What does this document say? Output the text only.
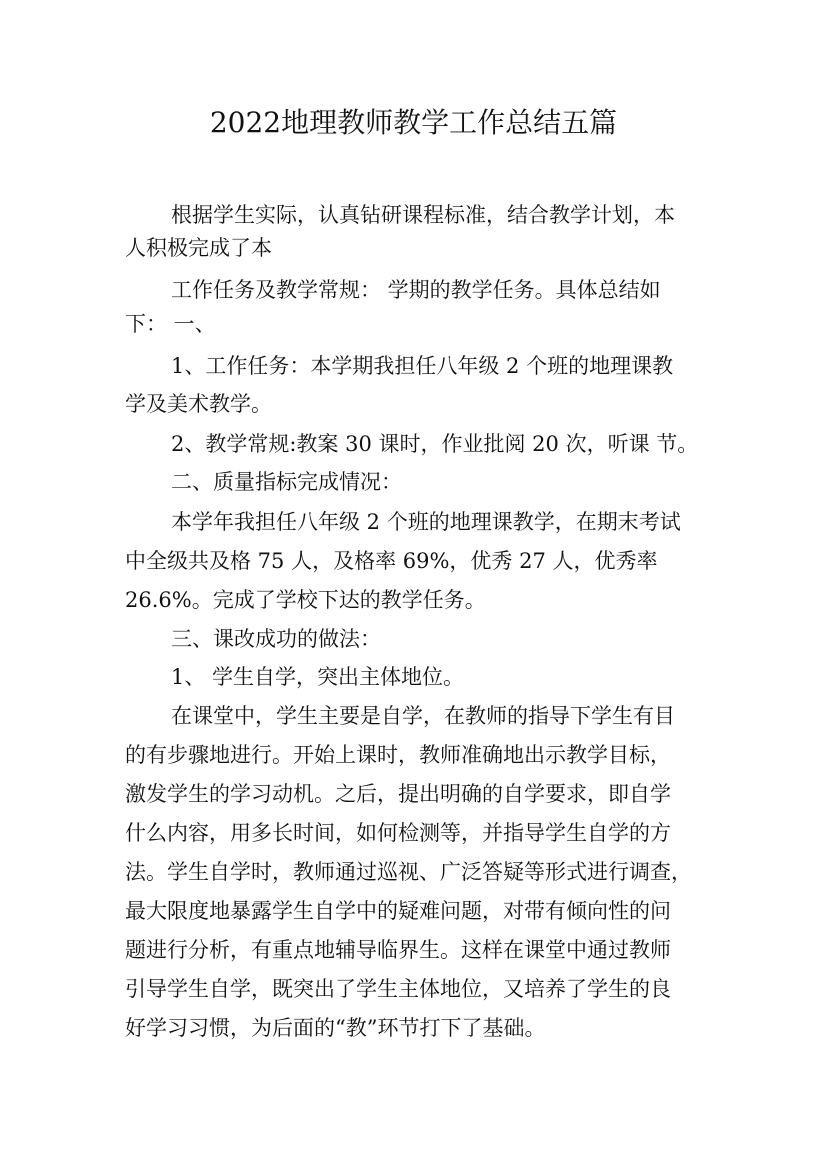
2022地理教师教学工作总结五篇

根据学生实际，认真钻研课程标准，结合教学计划，本

人积极完成了本

工作任务及教学常规： 学期的教学任务。具体总结如

下： 一、

1、工作任务：本学期我担任八年级 2 个班的地理课教

学及美术教学。

2、教学常规:教案 30 课时，作业批阅 20 次，听课 节。

二、质量指标完成情况：

本学年我担任八年级 2 个班的地理课教学，在期末考试

中全级共及格 75 人，及格率 69%，优秀 27 人，优秀率

26.6%。完成了学校下达的教学任务。

三、课改成功的做法：

1、 学生自学，突出主体地位。

在课堂中，学生主要是自学，在教师的指导下学生有目

的有步骤地进行。开始上课时，教师准确地出示教学目标，

激发学生的学习动机。之后，提出明确的自学要求，即自学

什么内容，用多长时间，如何检测等，并指导学生自学的方

法。学生自学时，教师通过巡视、广泛答疑等形式进行调查，

最大限度地暴露学生自学中的疑难问题，对带有倾向性的问

题进行分析，有重点地辅导临界生。这样在课堂中通过教师

引导学生自学，既突出了学生主体地位，又培养了学生的良

好学习习惯，为后面的“教”环节打下了基础。
